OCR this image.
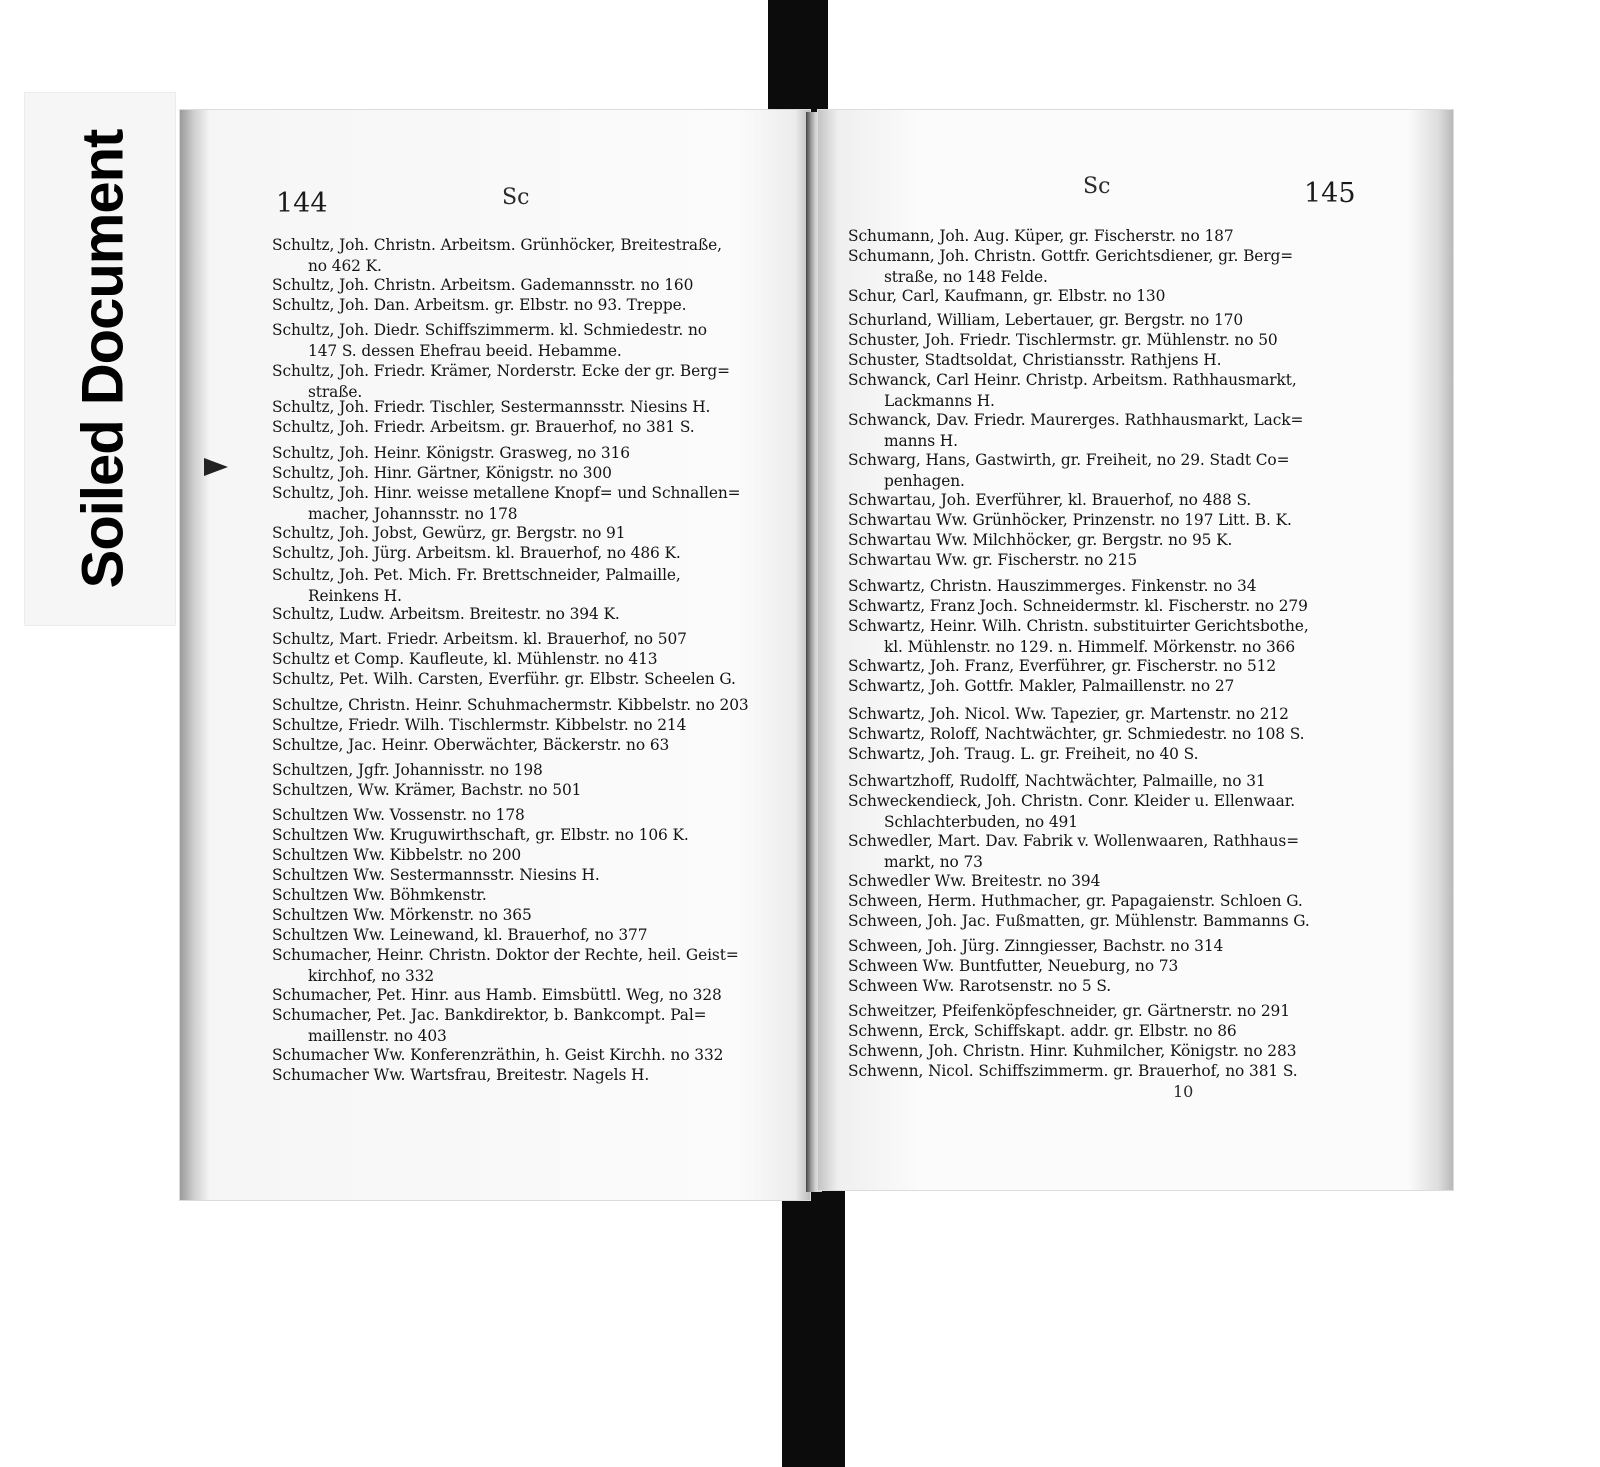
Soiled Document	144	Sc
Schultz, Joh. Christn. Arbeitsm. Grünhöcker, Breitestraße,
no 462 K.
Schultz, Joh. Christn. Arbeitsm. Gademannsstr. no 160
Schultz, Joh. Dan. Arbeitsm. gr. Elbstr. no 93. Treppe.
Schultz, Joh. Diedr. Schiffszimmerm. kl. Schmiedestr. no
147 S. dessen Ehefrau beeid. Hebamme.
Schultz, Joh. Friedr. Krämer, Norderstr. Ecke der gr. Berg=
straße.
Schultz, Joh. Friedr. Tischler, Sestermannsstr. Niesins H.
Schultz, Joh. Friedr. Arbeitsm. gr. Brauerhof, no 381 S.
Schultz, Joh. Heinr. Königstr. Grasweg, no 316
Schultz, Joh. Hinr. Gärtner, Königstr. no 300
Schultz, Joh. Hinr. weisse metallene Knopf= und Schnallen=
macher, Johannsstr. no 178
Schultz, Joh. Jobst, Gewürz, gr. Bergstr. no 91
Schultz, Joh. Jürg. Arbeitsm. kl. Brauerhof, no 486 K.
Schultz, Joh. Pet. Mich. Fr. Brettschneider, Palmaille,
Reinkens H.
Schultz, Ludw. Arbeitsm. Breitestr. no 394 K.
Schultz, Mart. Friedr. Arbeitsm. kl. Brauerhof, no 507
Schultz et Comp. Kaufleute, kl. Mühlenstr. no 413
Schultz, Pet. Wilh. Carsten, Everführ. gr. Elbstr. Scheelen G.
Schultze, Christn. Heinr. Schuhmachermstr. Kibbelstr. no 203
Schultze, Friedr. Wilh. Tischlermstr. Kibbelstr. no 214
Schultze, Jac. Heinr. Oberwächter, Bäckerstr. no 63
Schultzen, Jgfr. Johannisstr. no 198
Schultzen, Ww. Krämer, Bachstr. no 501
Schultzen Ww. Vossenstr. no 178
Schultzen Ww. Kruguwirthschaft, gr. Elbstr. no 106 K.
Schultzen Ww. Kibbelstr. no 200
Schultzen Ww. Sestermannsstr. Niesins H.
Schultzen Ww. Böhmkenstr.
Schultzen Ww. Mörkenstr. no 365
Schultzen Ww. Leinewand, kl. Brauerhof, no 377
Schumacher, Heinr. Christn. Doktor der Rechte, heil. Geist=
kirchhof, no 332
Schumacher, Pet. Hinr. aus Hamb. Eimsbüttl. Weg, no 328
Schumacher, Pet. Jac. Bankdirektor, b. Bankcompt. Pal=
maillenstr. no 403
Schumacher Ww. Konferenzräthin, h. Geist Kirchh. no 332
Schumacher Ww. Wartsfrau, Breitestr. Nagels H.
Sc	145
Schumann, Joh. Aug. Küper, gr. Fischerstr. no 187
Schumann, Joh. Christn. Gottfr. Gerichtsdiener, gr. Berg=
straße, no 148 Felde.
Schur, Carl, Kaufmann, gr. Elbstr. no 130
Schurland, William, Lebertauer, gr. Bergstr. no 170
Schuster, Joh. Friedr. Tischlermstr. gr. Mühlenstr. no 50
Schuster, Stadtsoldat, Christiansstr. Rathjens H.
Schwanck, Carl Heinr. Christp. Arbeitsm. Rathhausmarkt,
Lackmanns H.
Schwanck, Dav. Friedr. Maurerges. Rathhausmarkt, Lack=
manns H.
Schwarg, Hans, Gastwirth, gr. Freiheit, no 29. Stadt Co=
penhagen.
Schwartau, Joh. Everführer, kl. Brauerhof, no 488 S.
Schwartau Ww. Grünhöcker, Prinzenstr. no 197 Litt. B. K.
Schwartau Ww. Milchhöcker, gr. Bergstr. no 95 K.
Schwartau Ww. gr. Fischerstr. no 215
Schwartz, Christn. Hauszimmerges. Finkenstr. no 34
Schwartz, Franz Joch. Schneidermstr. kl. Fischerstr. no 279
Schwartz, Heinr. Wilh. Christn. substituirter Gerichtsbothe,
kl. Mühlenstr. no 129. n. Himmelf. Mörkenstr. no 366
Schwartz, Joh. Franz, Everführer, gr. Fischerstr. no 512
Schwartz, Joh. Gottfr. Makler, Palmaillenstr. no 27
Schwartz, Joh. Nicol. Ww. Tapezier, gr. Martenstr. no 212
Schwartz, Roloff, Nachtwächter, gr. Schmiedestr. no 108 S.
Schwartz, Joh. Traug. L. gr. Freiheit, no 40 S.
Schwartzhoff, Rudolff, Nachtwächter, Palmaille, no 31
Schweckendieck, Joh. Christn. Conr. Kleider u. Ellenwaar.
Schlachterbuden, no 491
Schwedler, Mart. Dav. Fabrik v. Wollenwaaren, Rathhaus=
markt, no 73
Schwedler Ww. Breitestr. no 394
Schween, Herm. Huthmacher, gr. Papagaienstr. Schloen G.
Schween, Joh. Jac. Fußmatten, gr. Mühlenstr. Bammanns G.
Schween, Joh. Jürg. Zinngiesser, Bachstr. no 314
Schween Ww. Buntfutter, Neueburg, no 73
Schween Ww. Rarotsenstr. no 5 S.
Schweitzer, Pfeifenköpfeschneider, gr. Gärtnerstr. no 291
Schwenn, Erck, Schiffskapt. addr. gr. Elbstr. no 86
Schwenn, Joh. Christn. Hinr. Kuhmilcher, Königstr. no 283
Schwenn, Nicol. Schiffszimmerm. gr. Brauerhof, no 381 S.
10
